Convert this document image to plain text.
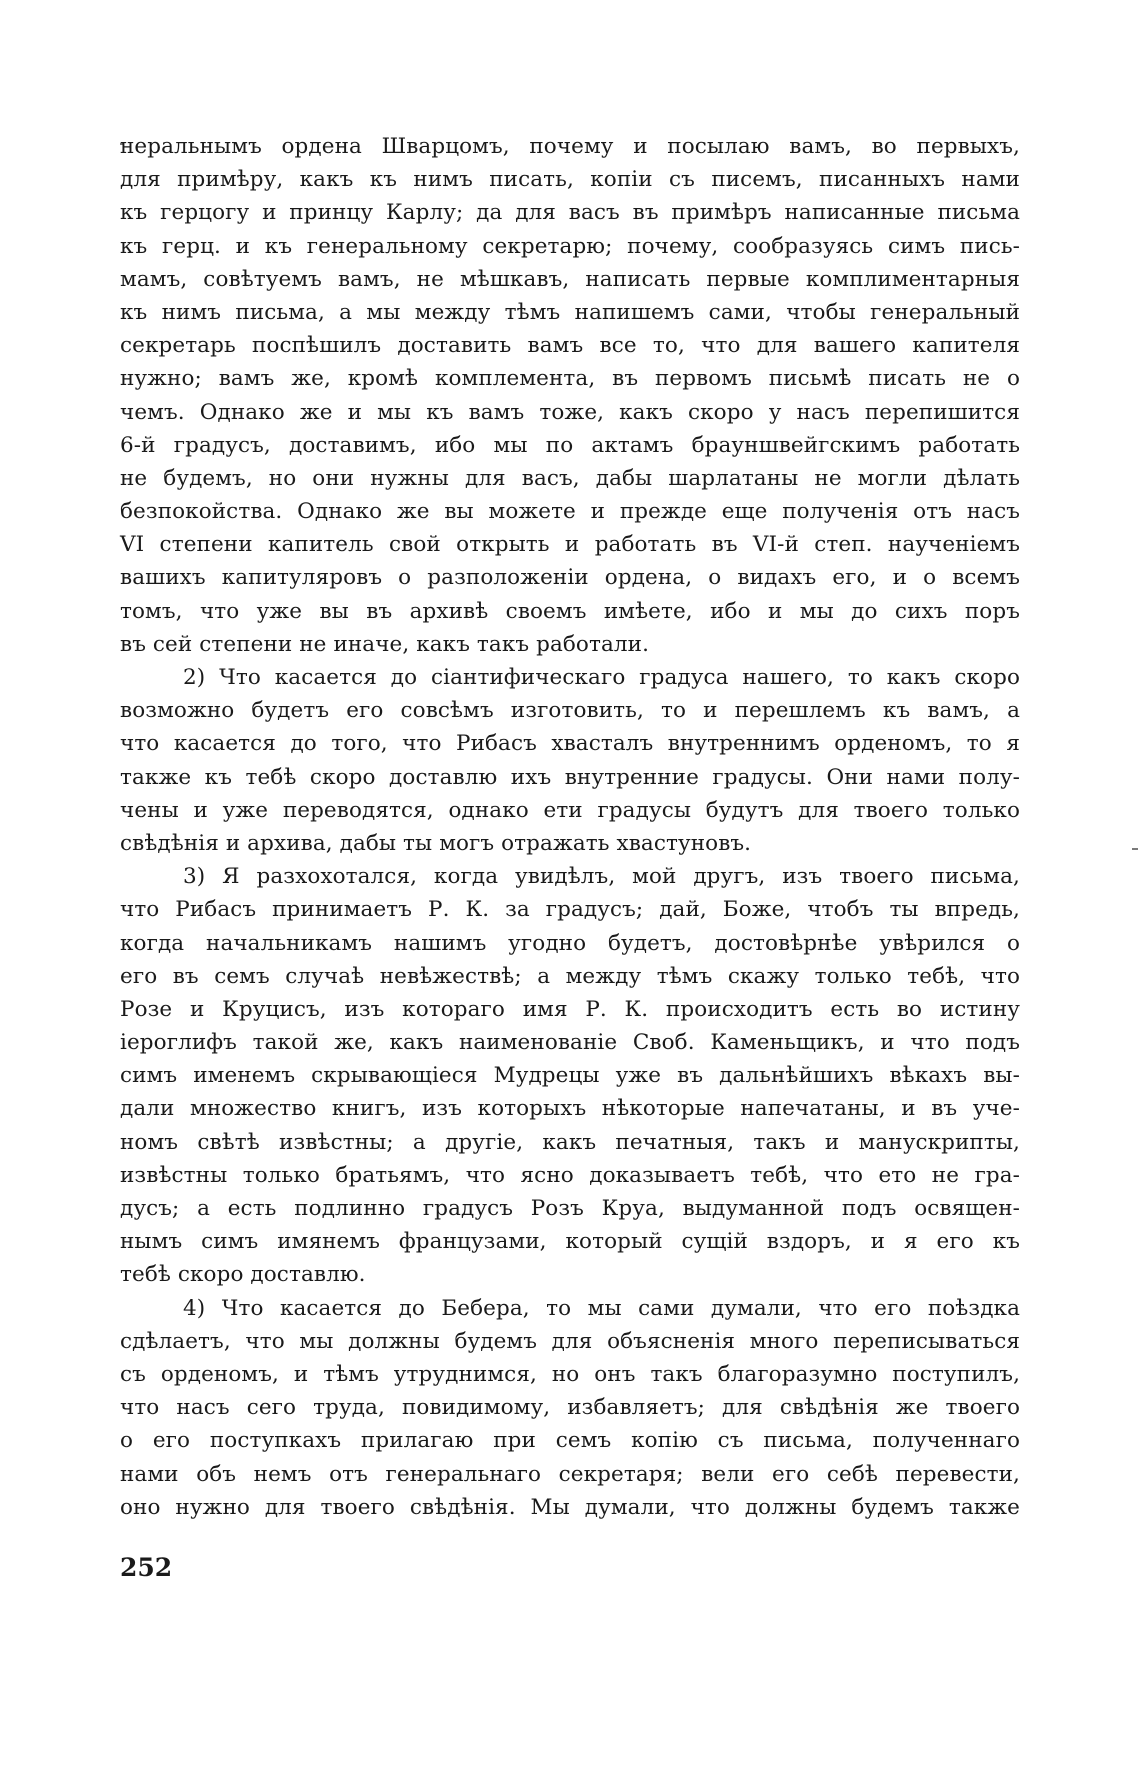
неральнымъ ордена Шварцомъ, почему и посылаю вамъ, во первыхъ,
для примѣру, какъ къ нимъ писать, копiи съ писемъ, писанныхъ нами
къ герцогу и принцу Карлу; да для васъ въ примѣръ написанные письма
къ герц. и къ генеральному секретарю; почему, сообразуясь симъ пись-
мамъ, совѣтуемъ вамъ, не мѣшкавъ, написать первые комплиментарныя
къ нимъ письма, а мы между тѣмъ напишемъ сами, чтобы генеральный
секретарь поспѣшилъ доставить вамъ все то, что для вашего капителя
нужно; вамъ же, кромѣ комплемента, въ первомъ письмѣ писать не о
чемъ. Однако же и мы къ вамъ тоже, какъ скоро у насъ перепишится
6-й градусъ, доставимъ, ибо мы по актамъ брауншвейгскимъ работать
не будемъ, но они нужны для васъ, дабы шарлатаны не могли дѣлать
безпокойства. Однако же вы можете и прежде еще полученiя отъ насъ
VI степени капитель свой открыть и работать въ VI-й степ. наученiемъ
вашихъ капитуляровъ о разположенiи ордена, о видахъ его, и о всемъ
томъ, что уже вы въ архивѣ своемъ имѣете, ибо и мы до сихъ поръ
въ сей степени не иначе, какъ такъ работали.
2) Что касается до сiантифическаго градуса нашего, то какъ скоро
возможно будетъ его совсѣмъ изготовить, то и перешлемъ къ вамъ, а
что касается до того, что Рибасъ хвасталъ внутреннимъ орденомъ, то я
также къ тебѣ скоро доставлю ихъ внутренние градусы. Они нами полу-
чены и уже переводятся, однако ети градусы будутъ для твоего только
свѣдѣнiя и архива, дабы ты могъ отражать хвастуновъ.
3) Я разхохотался, когда увидѣлъ, мой другъ, изъ твоего письма,
что Рибасъ принимаетъ Р. К. за градусъ; дай, Боже, чтобъ ты впредь,
когда начальникамъ нашимъ угодно будетъ, достовѣрнѣе увѣрился о
его въ семъ случаѣ невѣжествѣ; а между тѣмъ скажу только тебѣ, что
Розе и Круцисъ, изъ котораго имя Р. К. происходитъ есть во истину
iероглифъ такой же, какъ наименованiе Своб. Каменьщикъ, и что подъ
симъ именемъ скрывающiеся Мудрецы уже въ дальнѣйшихъ вѣкахъ вы-
дали множество книгъ, изъ которыхъ нѣкоторые напечатаны, и въ уче-
номъ свѣтѣ извѣстны; а другiе, какъ печатныя, такъ и манускрипты,
извѣстны только братьямъ, что ясно доказываетъ тебѣ, что ето не гра-
дусъ; а есть подлинно градусъ Розъ Круа, выдуманной подъ освящен-
нымъ симъ имянемъ французами, который сущiй вздоръ, и я его къ
тебѣ скоро доставлю.
4) Что касается до Бебера, то мы сами думали, что его поѣздка
сдѣлаетъ, что мы должны будемъ для объясненiя много переписываться
съ орденомъ, и тѣмъ утруднимся, но онъ такъ благоразумно поступилъ,
что насъ сего труда, повидимому, избавляетъ; для свѣдѣнiя же твоего
о его поступкахъ прилагаю при семъ копiю съ письма, полученнаго
нами объ немъ отъ генеральнаго секретаря; вели его себѣ перевести,
оно нужно для твоего свѣдѣнiя. Мы думали, что должны будемъ также
252
